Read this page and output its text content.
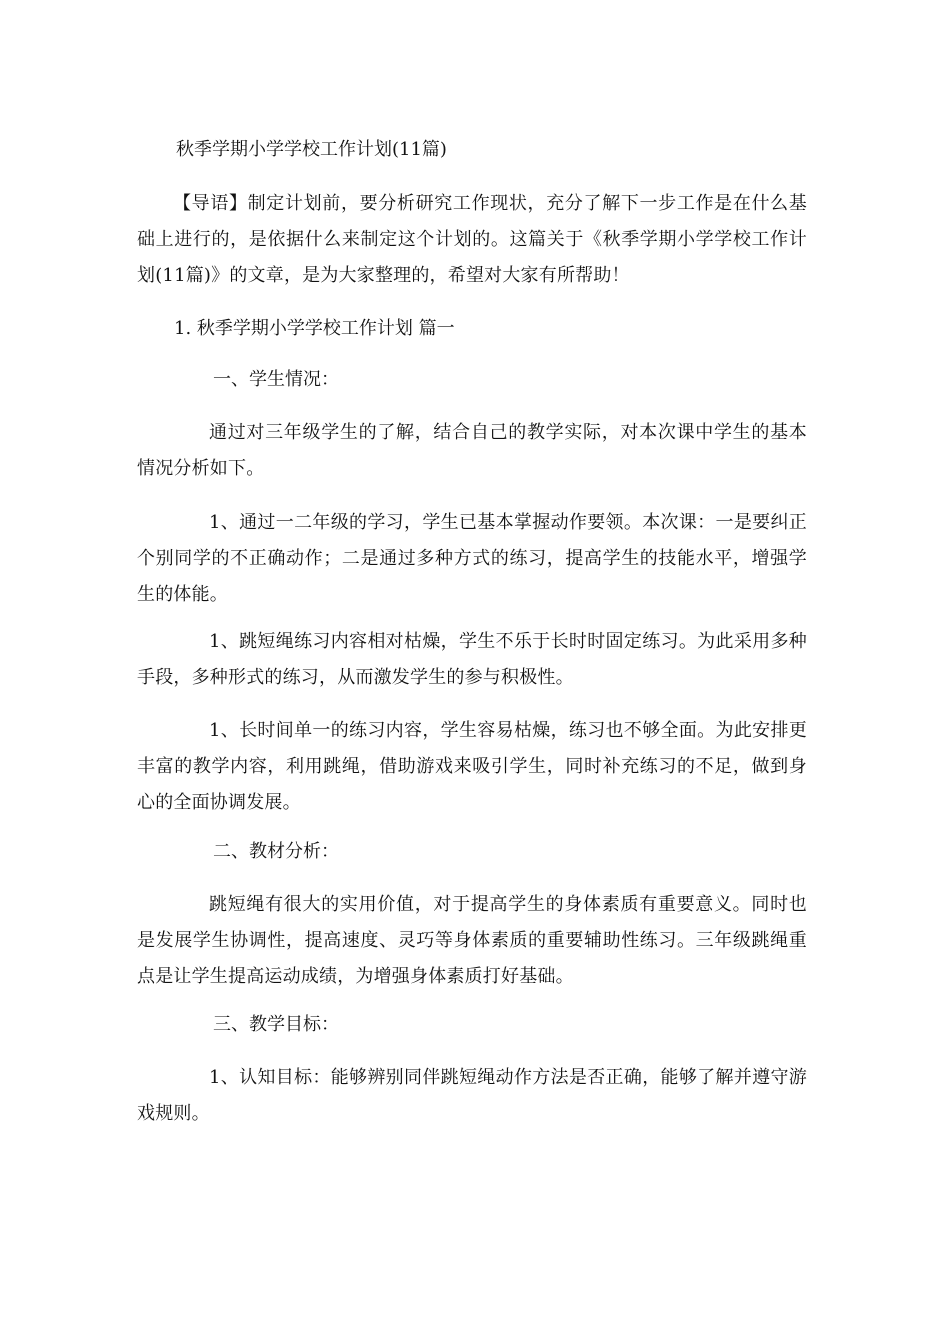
秋季学期小学学校工作计划(11篇)

【导语】制定计划前，要分析研究工作现状，充分了解下一步工作是在什么基础上进行的，是依据什么来制定这个计划的。这篇关于《秋季学期小学学校工作计划(11篇)》的文章，是为大家整理的，希望对大家有所帮助！

1. 秋季学期小学学校工作计划 篇一

一、学生情况：

通过对三年级学生的了解，结合自己的教学实际，对本次课中学生的基本情况分析如下。

1、通过一二年级的学习，学生已基本掌握动作要领。本次课：一是要纠正个别同学的不正确动作；二是通过多种方式的练习，提高学生的技能水平，增强学生的体能。

1、跳短绳练习内容相对枯燥，学生不乐于长时时固定练习。为此采用多种手段，多种形式的练习，从而激发学生的参与积极性。

1、长时间单一的练习内容，学生容易枯燥，练习也不够全面。为此安排更丰富的教学内容，利用跳绳，借助游戏来吸引学生，同时补充练习的不足，做到身心的全面协调发展。

二、教材分析：

跳短绳有很大的实用价值，对于提高学生的身体素质有重要意义。同时也是发展学生协调性，提高速度、灵巧等身体素质的重要辅助性练习。三年级跳绳重点是让学生提高运动成绩，为增强身体素质打好基础。

三、教学目标：

1、认知目标：能够辨别同伴跳短绳动作方法是否正确，能够了解并遵守游戏规则。
